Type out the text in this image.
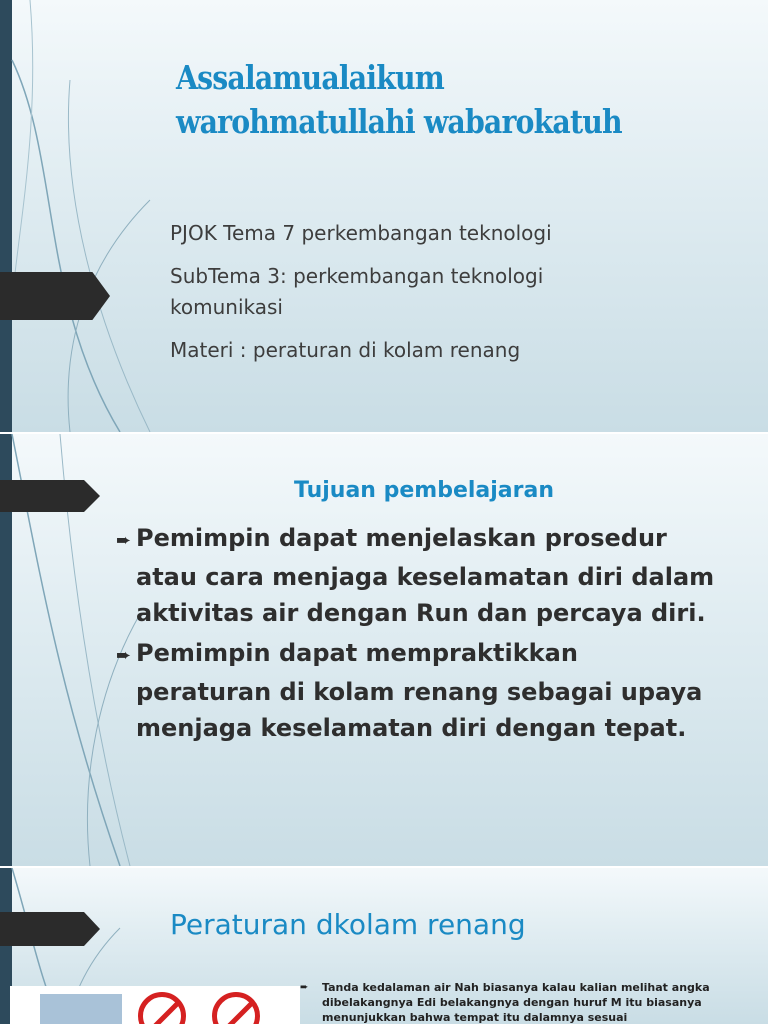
Assalamualaikum
warohmatullahi wabarokatuh
PJOK Tema 7 perkembangan teknologi
SubTema 3: perkembangan teknologi komunikasi
Materi : peraturan di kolam renang
Tujuan pembelajaran
➨ Pemimpin dapat menjelaskan prosedur atau cara menjaga keselamatan diri dalam aktivitas air dengan Run dan percaya diri.
➨ Pemimpin dapat mempraktikkan peraturan di kolam renang sebagai upaya menjaga keselamatan diri dengan tepat.
Peraturan dkolam renang
➨ Tanda kedalaman air Nah biasanya kalau kalian melihat angka dibelakangnya Edi belakangnya dengan huruf M itu biasanya menunjukkan bahwa tempat itu dalamnya sesuai
